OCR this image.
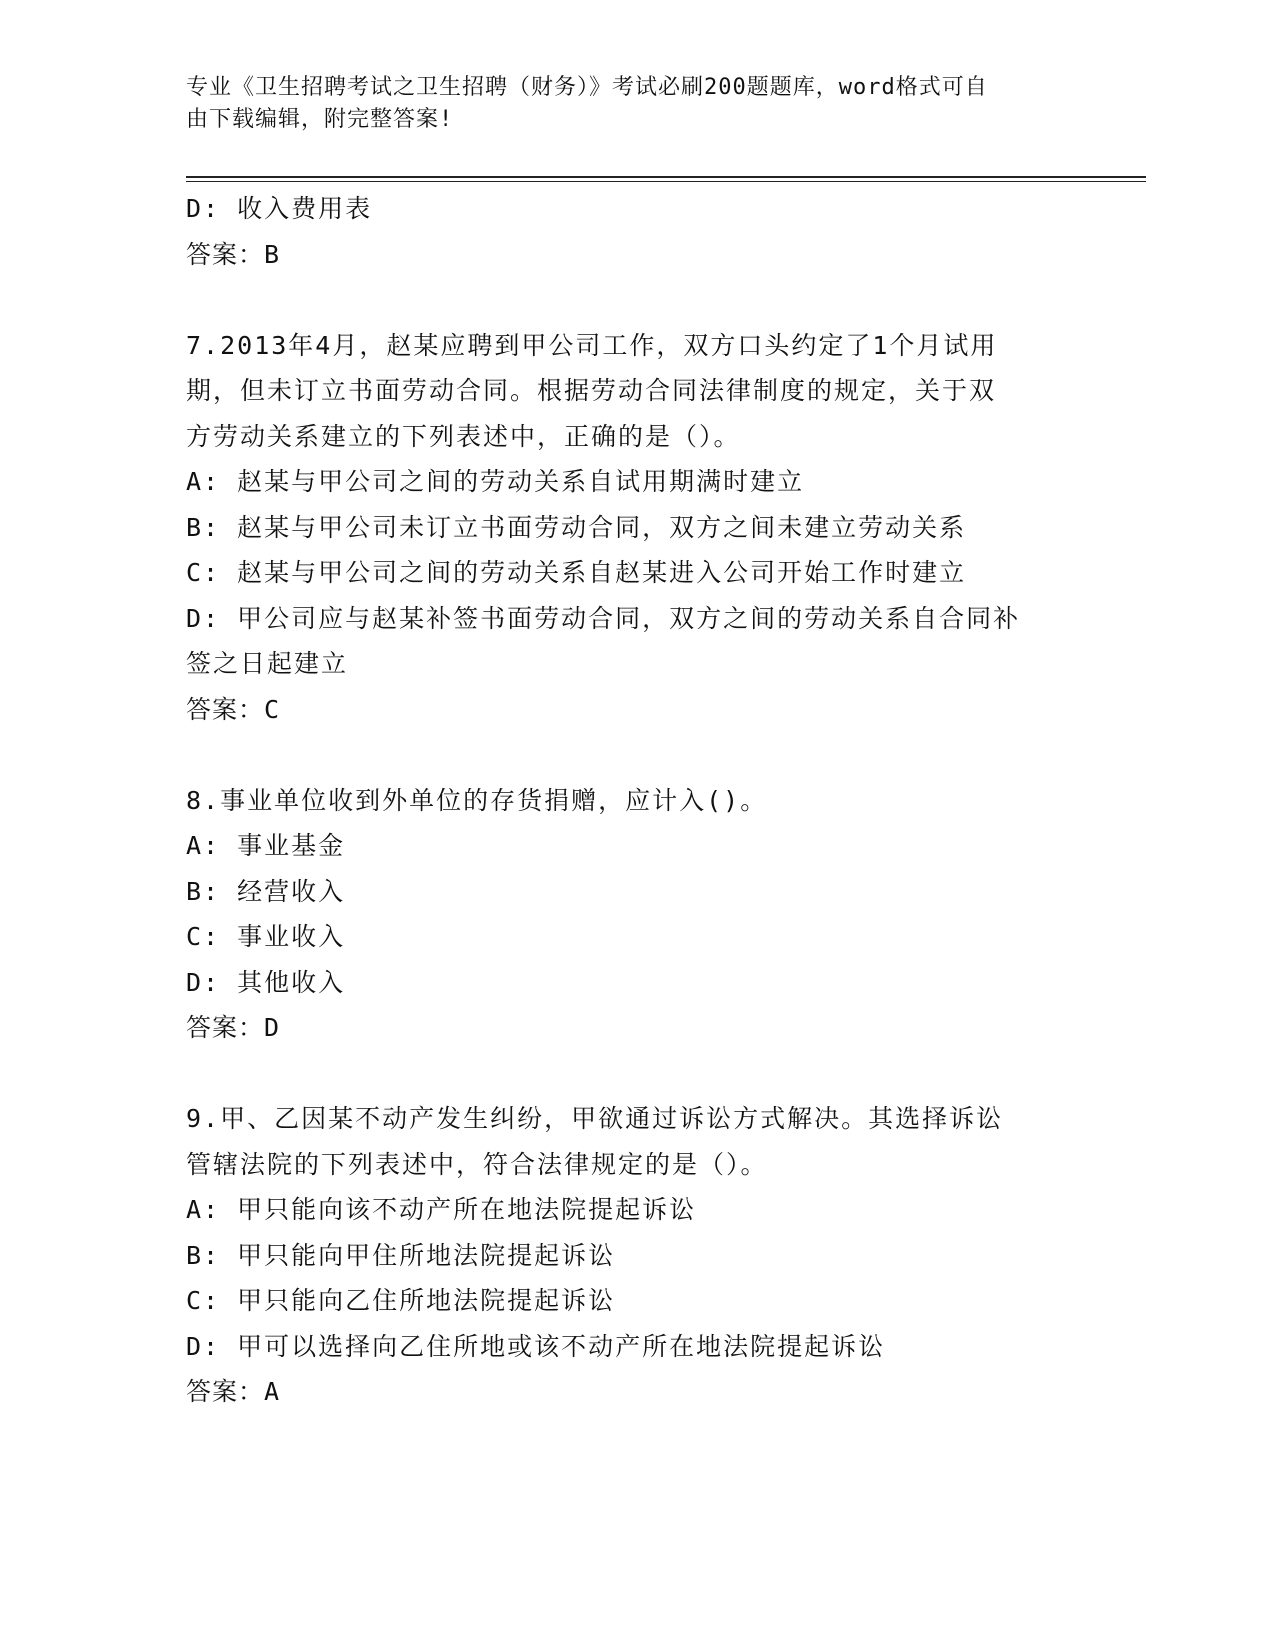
专业《卫生招聘考试之卫生招聘（财务）》考试必刷200题题库，word格式可自
由下载编辑，附完整答案!
D: 收入费用表
答案：B
7.2013年4月，赵某应聘到甲公司工作，双方口头约定了1个月试用
期，但未订立书面劳动合同。根据劳动合同法律制度的规定，关于双
方劳动关系建立的下列表述中，正确的是（）。
A: 赵某与甲公司之间的劳动关系自试用期满时建立
B: 赵某与甲公司未订立书面劳动合同，双方之间未建立劳动关系
C: 赵某与甲公司之间的劳动关系自赵某进入公司开始工作时建立
D: 甲公司应与赵某补签书面劳动合同，双方之间的劳动关系自合同补
签之日起建立
答案：C
8.事业单位收到外单位的存货捐赠，应计入()。
A: 事业基金
B: 经营收入
C: 事业收入
D: 其他收入
答案：D
9.甲、乙因某不动产发生纠纷，甲欲通过诉讼方式解决。其选择诉讼
管辖法院的下列表述中，符合法律规定的是（）。
A: 甲只能向该不动产所在地法院提起诉讼
B: 甲只能向甲住所地法院提起诉讼
C: 甲只能向乙住所地法院提起诉讼
D: 甲可以选择向乙住所地或该不动产所在地法院提起诉讼
答案：A
